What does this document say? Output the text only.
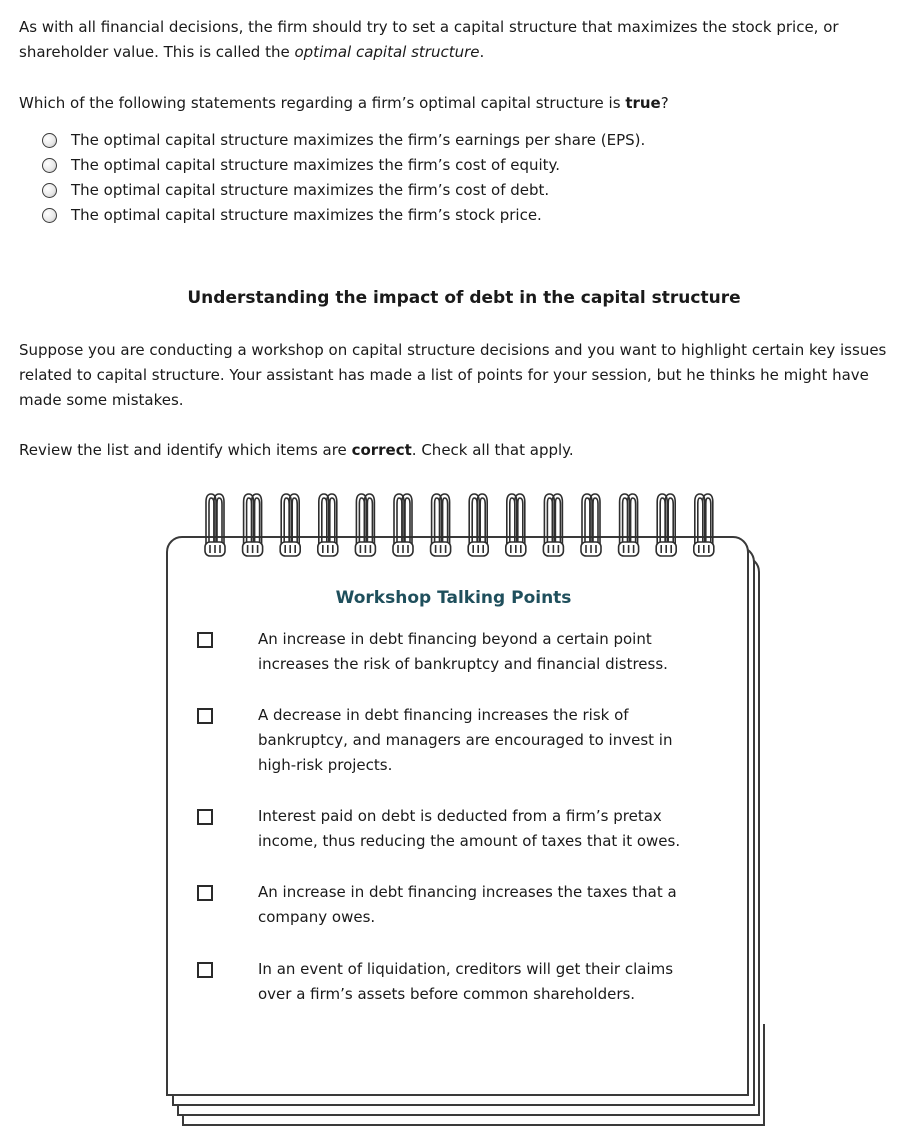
As with all financial decisions, the firm should try to set a capital structure that maximizes the stock price, or shareholder value. This is called the optimal capital structure.

Which of the following statements regarding a firm’s optimal capital structure is true?

The optimal capital structure maximizes the firm’s earnings per share (EPS).
The optimal capital structure maximizes the firm’s cost of equity.
The optimal capital structure maximizes the firm’s cost of debt.
The optimal capital structure maximizes the firm’s stock price.
Understanding the impact of debt in the capital structure

Suppose you are conducting a workshop on capital structure decisions and you want to highlight certain key issues related to capital structure. Your assistant has made a list of points for your session, but he thinks he might have made some mistakes.

Review the list and identify which items are correct. Check all that apply.

Workshop Talking Points
An increase in debt financing beyond a certain point increases the risk of bankruptcy and financial distress.
A decrease in debt financing increases the risk of bankruptcy, and managers are encouraged to invest in high-risk projects.
Interest paid on debt is deducted from a firm’s pretax income, thus reducing the amount of taxes that it owes.
An increase in debt financing increases the taxes that a company owes.
In an event of liquidation, creditors will get their claims over a firm’s assets before common shareholders.
